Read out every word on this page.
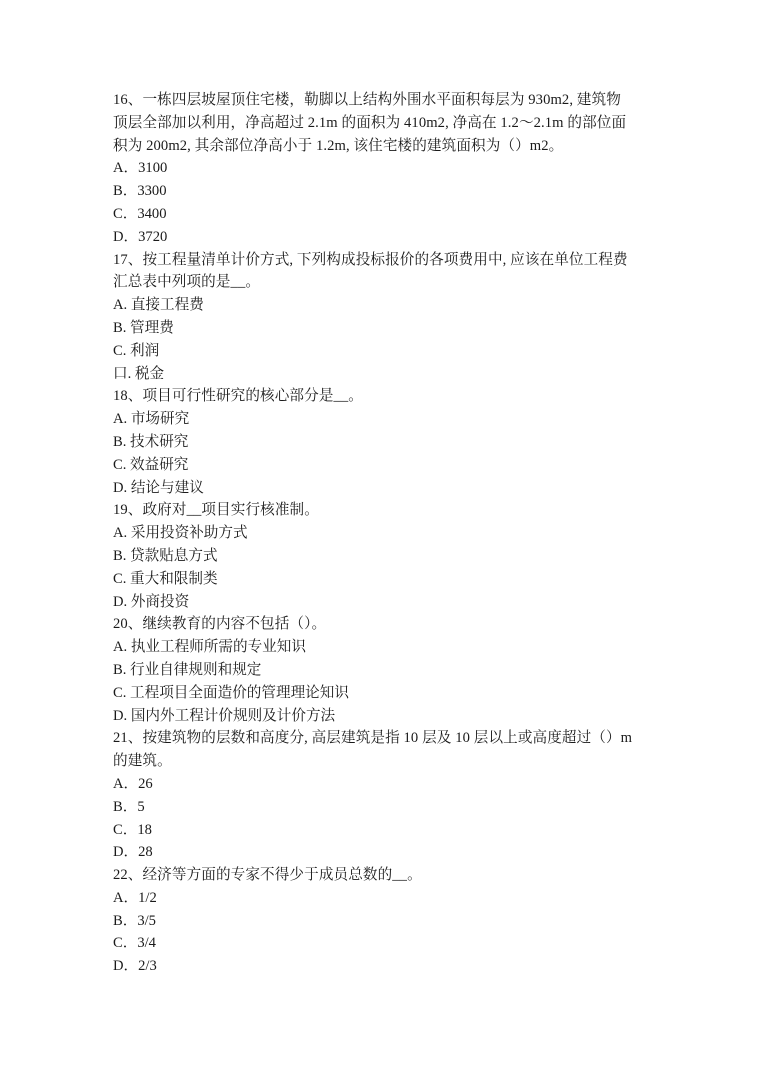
16、一栋四层坡屋顶住宅楼，勒脚以上结构外围水平面积每层为 930m2, 建筑物
顶层全部加以利用，净高超过 2.1m 的面积为 410m2, 净高在 1.2～2.1m 的部位面
积为 200m2, 其余部位净高小于 1.2m, 该住宅楼的建筑面积为（）m2。
A．3100
B．3300
C．3400
D．3720
17、按工程量清单计价方式, 下列构成投标报价的各项费用中, 应该在单位工程费
汇总表中列项的是__。
A. 直接工程费
B. 管理费
C. 利润
口. 税金
18、项目可行性研究的核心部分是__。
A. 市场研究
B. 技术研究
C. 效益研究
D. 结论与建议
19、政府对__项目实行核准制。
A. 采用投资补助方式
B. 贷款贴息方式
C. 重大和限制类
D. 外商投资
20、继续教育的内容不包括（）。
A. 执业工程师所需的专业知识
B. 行业自律规则和规定
C. 工程项目全面造价的管理理论知识
D. 国内外工程计价规则及计价方法
21、按建筑物的层数和高度分, 高层建筑是指 10 层及 10 层以上或高度超过（）m
的建筑。
A．26
B．5
C．18
D．28
22、经济等方面的专家不得少于成员总数的__。
A．1/2
B．3/5
C．3/4
D．2/3
